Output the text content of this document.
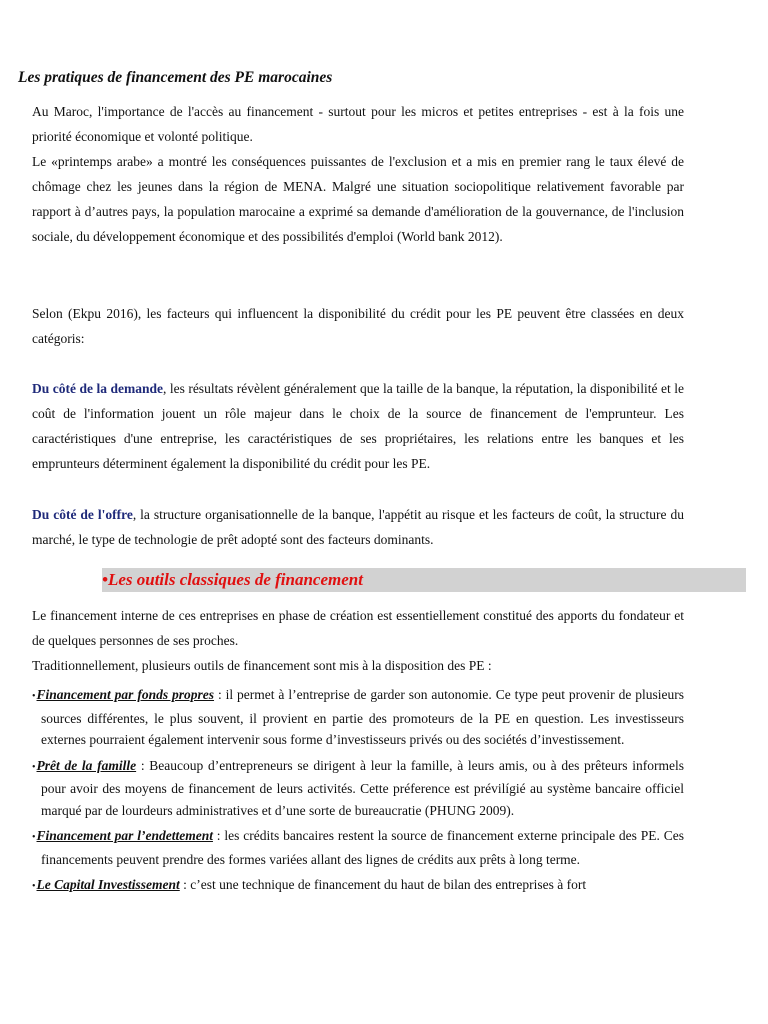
Les pratiques de financement des PE marocaines

Au Maroc, l'importance de l'accès au financement - surtout pour les micros et petites entreprises - est à la fois une priorité économique et volonté politique.

Le «printemps arabe» a montré les conséquences puissantes de l'exclusion et a mis en premier rang le taux élevé de chômage chez les jeunes dans la région de MENA. Malgré une situation sociopolitique relativement favorable par rapport à d’autres pays, la population marocaine a exprimé sa demande d'amélioration de la gouvernance, de l'inclusion sociale, du développement économique et des possibilités d'emploi (World bank 2012).

Selon (Ekpu 2016), les facteurs qui influencent la disponibilité du crédit pour les PE peuvent être classées en deux catégoris:

Du côté de la demande, les résultats révèlent généralement que la taille de la banque, la réputation, la disponibilité et le coût de l'information jouent un rôle majeur dans le choix de la source de financement de l'emprunteur. Les caractéristiques d'une entreprise, les caractéristiques de ses propriétaires, les relations entre les banques et les emprunteurs déterminent également la disponibilité du crédit pour les PE.

Du côté de l'offre, la structure organisationnelle de la banque, l'appétit au risque et les facteurs de coût, la structure du marché, le type de technologie de prêt adopté sont des facteurs dominants.

•Les outils classiques de financement

Le financement interne de ces entreprises en phase de création est essentiellement constitué des apports du fondateur et de quelques personnes de ses proches.

Traditionnellement, plusieurs outils de financement sont mis à la disposition des PE :

•Financement par fonds propres : il permet à l’entreprise de garder son autonomie. Ce type peut provenir de plusieurs sources différentes, le plus souvent, il provient en partie des promoteurs de la PE en question. Les investisseurs externes pourraient également intervenir sous forme d’investisseurs privés ou des sociétés d’investissement.
•Prêt de la famille : Beaucoup d’entrepreneurs se dirigent à leur la famille, à leurs amis, ou à des prêteurs informels pour avoir des moyens de financement de leurs activités. Cette préference est prévilígié au système bancaire officiel marqué par de lourdeurs administratives et d’une sorte de bureaucratie (PHUNG 2009).
•Financement par l’endettement : les crédits bancaires restent la source de financement externe principale des PE. Ces financements peuvent prendre des formes variées allant des lignes de crédits aux prêts à long terme.
•Le Capital Investissement : c’est une technique de financement du haut de bilan des entreprises à fort
